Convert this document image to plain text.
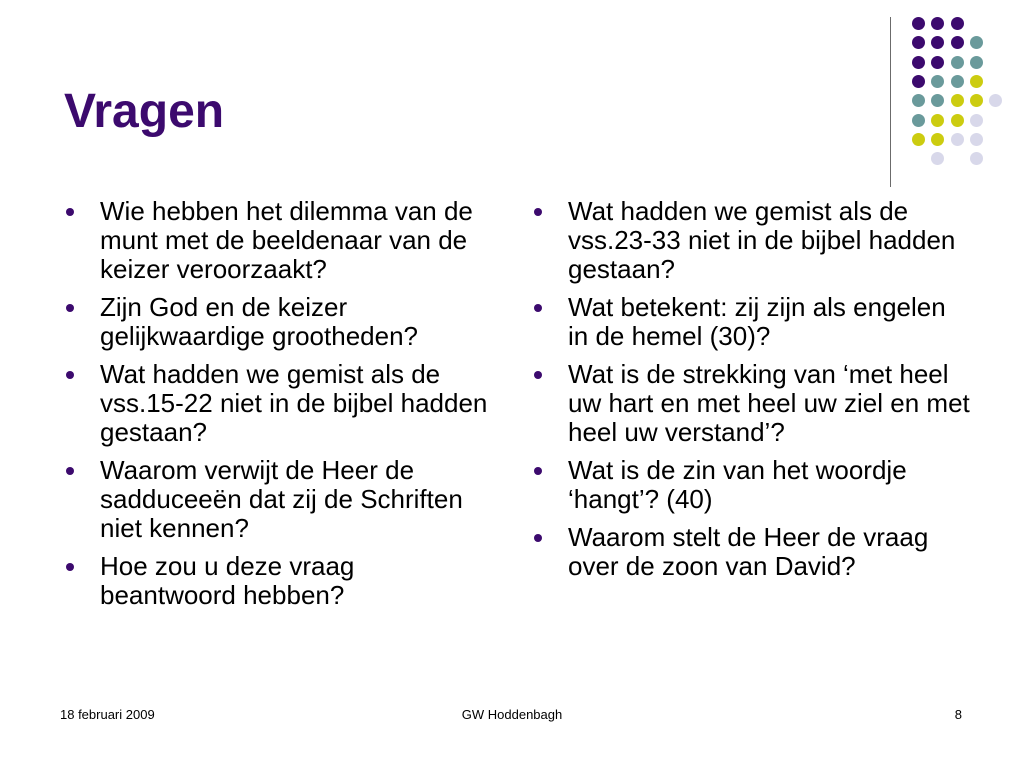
Vragen
Wie hebben het dilemma van de munt met de beeldenaar van de keizer veroorzaakt?
Zijn God en de keizer gelijkwaardige grootheden?
Wat hadden we gemist als de vss.15-22 niet in de bijbel hadden gestaan?
Waarom verwijt de Heer de sadduceeën dat zij de Schriften niet kennen?
Hoe zou u deze vraag beantwoord hebben?
Wat hadden we gemist als de vss.23-33 niet in de bijbel hadden gestaan?
Wat betekent: zij zijn als engelen in de hemel (30)?
Wat is de strekking van ‘met heel uw hart en met heel uw ziel en met heel uw verstand’?
Wat is de zin van het woordje ‘hangt’? (40)
Waarom stelt de Heer de vraag over de zoon van David?
18 februari 2009	GW Hoddenbagh	8
